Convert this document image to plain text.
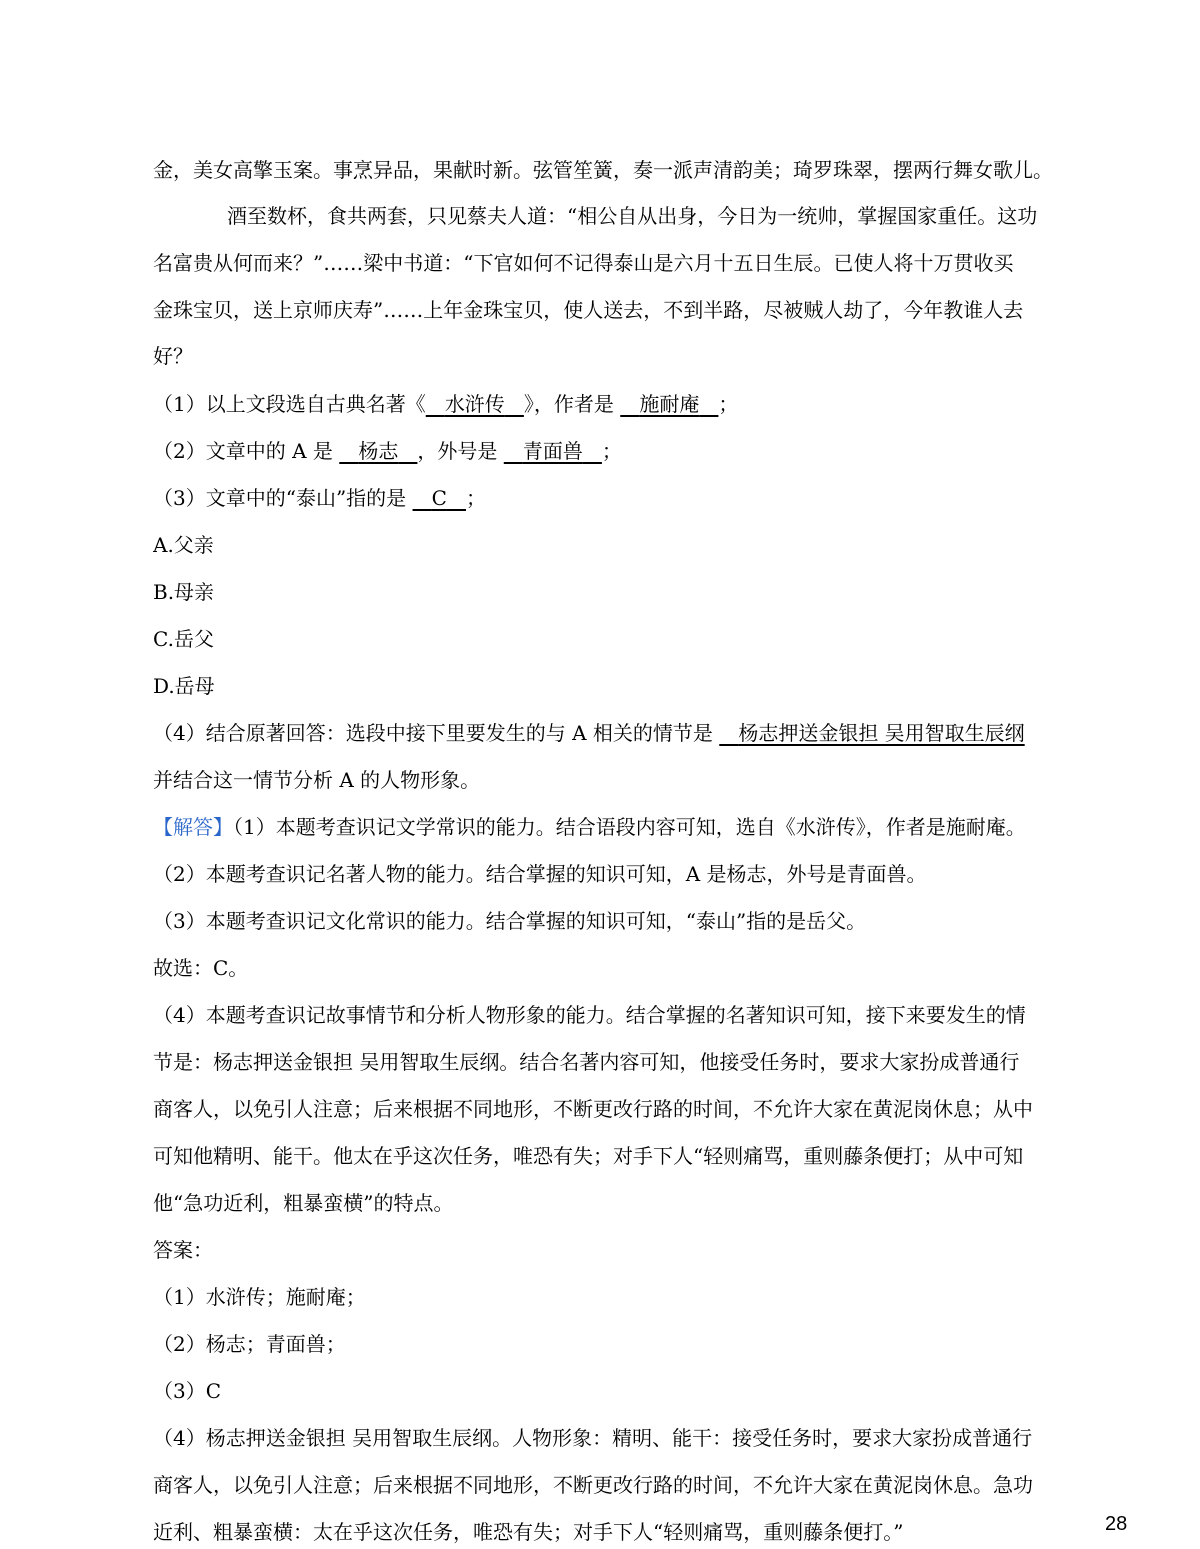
金，美女高擎玉案。事烹异品，果献时新。弦管笙簧，奏一派声清韵美；琦罗珠翠，摆两行舞女歌儿。
酒至数杯，食共两套，只见蔡夫人道：“相公自从出身，今日为一统帅，掌握国家重任。这功
名富贵从何而来？”……梁中书道：“下官如何不记得泰山是六月十五日生辰。已使人将十万贯收买
金珠宝贝，送上京师庆寿”……上年金珠宝贝，使人送去，不到半路，尽被贼人劫了，今年教谁人去
好？
（1）以上文段选自古典名著《 水浒传 》，作者是    施耐庵 ；
（2）文章中的 A 是    杨志 ，外号是    青面兽 ；
（3）文章中的“泰山”指的是    C ；
A.父亲
B.母亲
C.岳父
D.岳母
（4）结合原著回答：选段中接下里要发生的与 A 相关的情节是    杨志押送金银担 吴用智取生辰纲
并结合这一情节分析 A 的人物形象。
【解答】（1）本题考查识记文学常识的能力。结合语段内容可知，选自《水浒传》，作者是施耐庵。
（2）本题考查识记名著人物的能力。结合掌握的知识可知，A 是杨志，外号是青面兽。
（3）本题考查识记文化常识的能力。结合掌握的知识可知，“泰山”指的是岳父。
故选：C。
（4）本题考查识记故事情节和分析人物形象的能力。结合掌握的名著知识可知，接下来要发生的情
节是：杨志押送金银担 吴用智取生辰纲。结合名著内容可知，他接受任务时，要求大家扮成普通行
商客人，以免引人注意；后来根据不同地形，不断更改行路的时间，不允许大家在黄泥岗休息；从中
可知他精明、能干。他太在乎这次任务，唯恐有失；对手下人“轻则痛骂，重则藤条便打；从中可知
他“急功近利，粗暴蛮横”的特点。
答案：
（1）水浒传；施耐庵；
（2）杨志；青面兽；
（3）C
（4）杨志押送金银担 吴用智取生辰纲。人物形象：精明、能干：接受任务时，要求大家扮成普通行
商客人，以免引人注意；后来根据不同地形，不断更改行路的时间，不允许大家在黄泥岗休息。急功
近利、粗暴蛮横：太在乎这次任务，唯恐有失；对手下人“轻则痛骂，重则藤条便打。”	28
